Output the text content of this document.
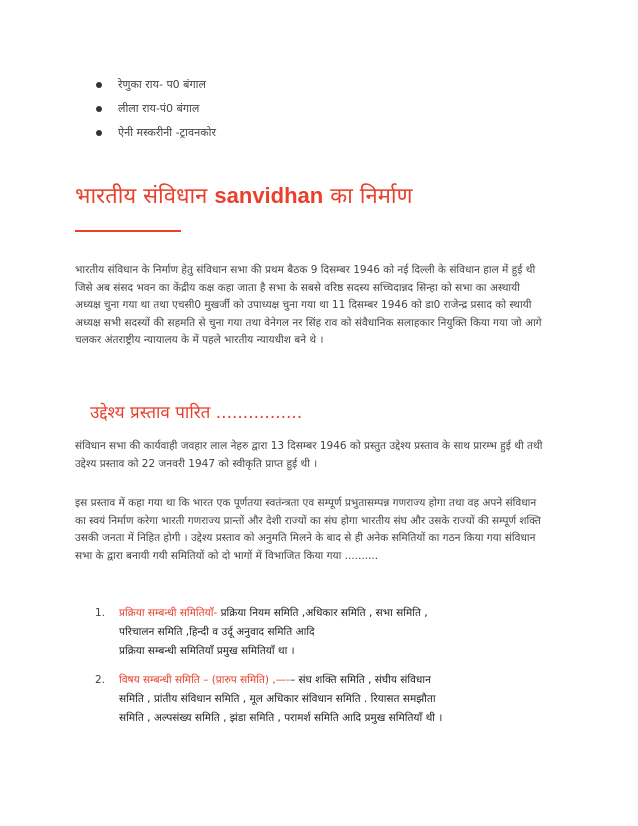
रेणुका राय- प0 बंगाल
लीला राय-पं0 बंगाल
ऐनी मस्करीनी -ट्रावनकोर
भारतीय संविधान sanvidhan का निर्माण

भारतीय संविधान के निर्माण हेतु संविधान सभा की प्रथम बैठक 9 दिसम्बर 1946 को नई दिल्ली के संविधान हाल में हुई थी जिसे अब संसद भवन का केंद्रीय कक्ष कहा जाता है सभा के सबसे वरिष्ठ सदस्य सच्चिदान्नद सिन्हा को सभा का अस्थायी अध्यक्ष चुना गया था तथा एचसी0 मुखर्जी को उपाध्यक्ष चुना गया था 11 दिसम्बर 1946 को डा0 राजेन्द्र प्रसाद को स्थायी अध्यक्ष सभी सदस्यों की सहमति से चुना गया तथा वेनेगल नर सिंह राव को संवैधानिक सलाहकार नियुक्ति किया गया जो आगे चलकर अंतराष्ट्रीय न्यायालय के में पहले भारतीय न्यायधीश बने थे ।

उद्देश्य प्रस्ताव पारित ................

संविधान सभा की कार्यवाही जवहार लाल नेहरु द्वारा 13 दिसम्बर 1946 को प्रस्तुत उद्देश्य प्रस्ताव के साथ प्रारम्भ हुई थी तथी उद्देश्य प्रस्ताव को 22 जनवरी 1947 को स्वीकृति प्राप्त हुई थी ।

इस प्रस्ताव में कहा गया था कि भारत एक पूर्णतया स्वतंन्त्रता एव सम्पूर्ण प्रभुतासम्पन्न गणराज्य होगा तथा वह अपने संविधान का स्वयं निर्माण करेगा भारती गणराज्य प्रान्तों और देशी राज्यों का संघ होगा भारतीय संघ और उसके राज्यों की सम्पूर्ण शक्ति उसकी जनता में निहित होगी । उद्देश्य प्रस्ताव को अनुमति मिलने के बाद से ही अनेक समितियों का गठन किया गया संविधान सभा के द्वारा बनायी गयी समितियों को दो भागों में विभाजित किया गया ..........

1. प्रक्रिया सम्बन्धी समितियाँ- प्रक्रिया नियम समिति ,अधिकार समिति , सभा समिति ,
परिचालन समिति ,हिन्दी व उर्दू अनुवाद समिति आदि
प्रक्रिया सम्बन्धी समितियाँ प्रमुख समितियाँ था ।
2. विषय सम्बन्धी समिति – (प्रारुप समिति) ,—-– संघ शक्ति समिति , संघीय संविधान
समिति , प्रांतीय संविधान समिति , मूल अधिकार संविधान समिति . रियासत समझौता
समिति , अल्पसंख्य समिति , झंडा समिति , परामर्श समिति आदि प्रमुख समितियाँ थी ।
